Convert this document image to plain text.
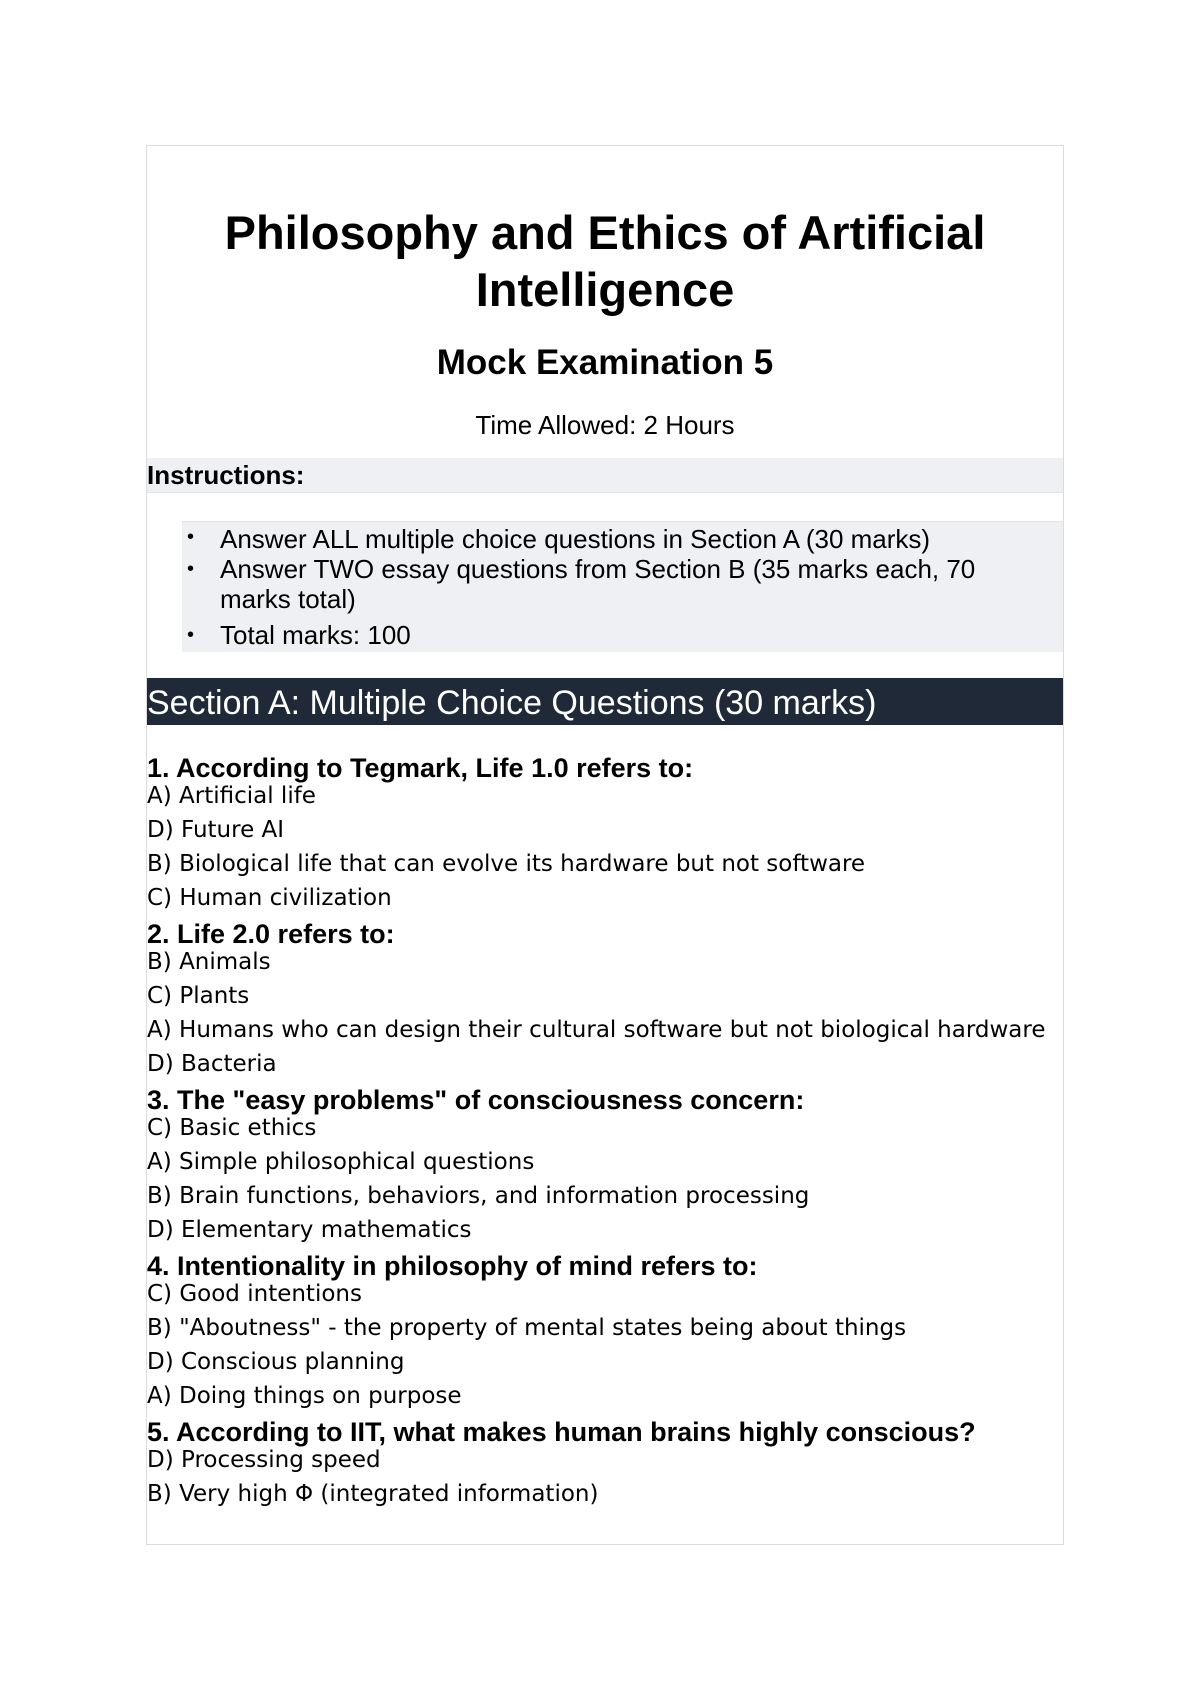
Philosophy and Ethics of Artificial Intelligence
Mock Examination 5

Time Allowed: 2 Hours

Instructions:
• Answer ALL multiple choice questions in Section A (30 marks)
• Answer TWO essay questions from Section B (35 marks each, 70 marks total)
• Total marks: 100
Section A: Multiple Choice Questions (30 marks)
1. According to Tegmark, Life 1.0 refers to:
A) Artificial life
D) Future AI
B) Biological life that can evolve its hardware but not software
C) Human civilization
2. Life 2.0 refers to:
B) Animals
C) Plants
A) Humans who can design their cultural software but not biological hardware
D) Bacteria
3. The "easy problems" of consciousness concern:
C) Basic ethics
A) Simple philosophical questions
B) Brain functions, behaviors, and information processing
D) Elementary mathematics
4. Intentionality in philosophy of mind refers to:
C) Good intentions
B) "Aboutness" - the property of mental states being about things
D) Conscious planning
A) Doing things on purpose
5. According to IIT, what makes human brains highly conscious?
D) Processing speed
B) Very high Φ (integrated information)
